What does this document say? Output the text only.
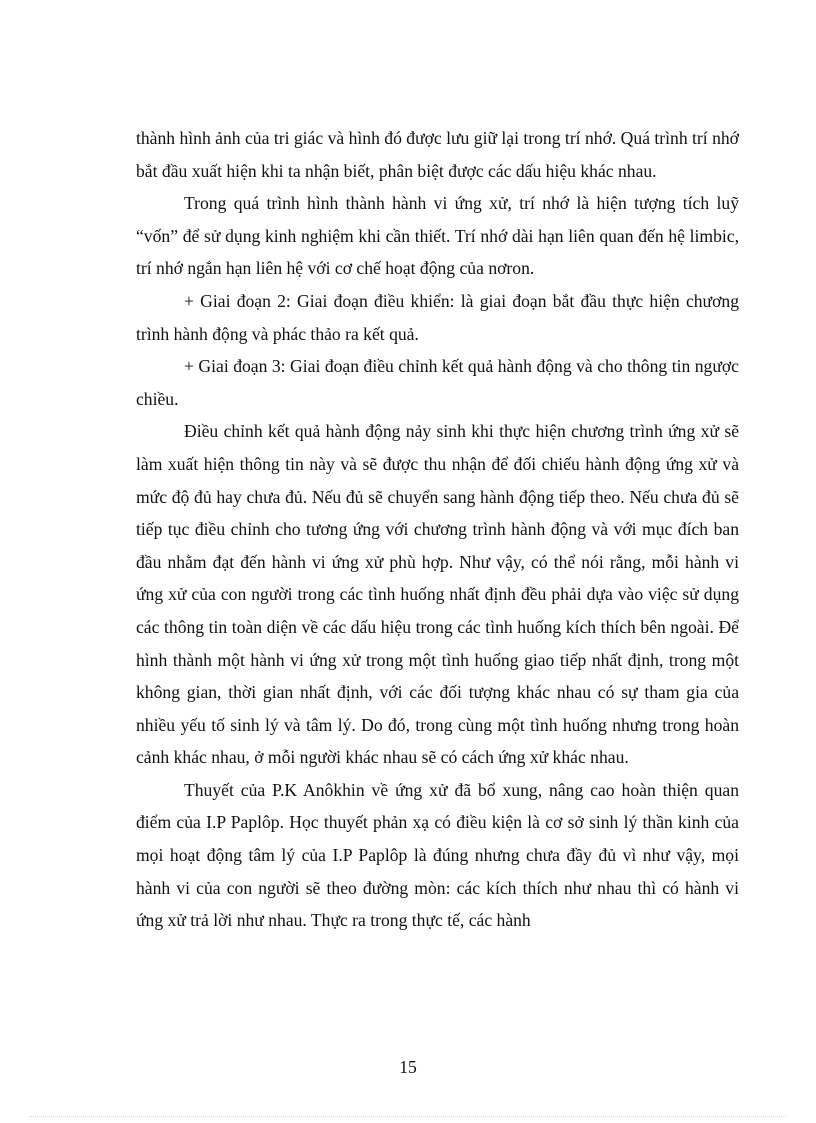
thành hình ảnh của tri giác và hình đó được lưu giữ lại trong trí nhớ. Quá trình trí nhớ bắt đầu xuất hiện khi ta nhận biết, phân biệt được các dấu hiệu khác nhau.

Trong quá trình hình thành hành vi ứng xử, trí nhớ là hiện tượng tích luỹ “vốn” để sử dụng kinh nghiệm khi cần thiết. Trí nhớ dài hạn liên quan đến hệ limbic, trí nhớ ngắn hạn liên hệ với cơ chế hoạt động của nơron.

+ Giai đoạn 2: Giai đoạn điều khiển: là giai đoạn bắt đầu thực hiện chương trình hành động và phác thảo ra kết quả.

+ Giai đoạn 3: Giai đoạn điều chỉnh kết quả hành động và cho thông tin ngược chiều.

Điều chỉnh kết quả hành động nảy sinh khi thực hiện chương trình ứng xử sẽ làm xuất hiện thông tin này và sẽ được thu nhận để đối chiếu hành động ứng xử và mức độ đủ hay chưa đủ. Nếu đủ sẽ chuyển sang hành động tiếp theo. Nếu chưa đủ sẽ tiếp tục điều chỉnh cho tương ứng với chương trình hành động và với mục đích ban đầu nhằm đạt đến hành vi ứng xử phù hợp. Như vậy, có thể nói rằng, mỗi hành vi ứng xử của con người trong các tình huống nhất định đều phải dựa vào việc sử dụng các thông tin toàn diện về các dấu hiệu trong các tình huống kích thích bên ngoài. Để hình thành một hành vi ứng xử trong một tình huống giao tiếp nhất định, trong một không gian, thời gian nhất định, với các đối tượng khác nhau có sự tham gia của nhiều yếu tố sinh lý và tâm lý. Do đó, trong cùng một tình huống nhưng trong hoàn cảnh khác nhau, ở mỗi người khác nhau sẽ có cách ứng xử khác nhau.

Thuyết của P.K Anôkhin về ứng xử đã bổ xung, nâng cao hoàn thiện quan điểm của I.P Paplôp. Học thuyết phản xạ có điều kiện là cơ sở sinh lý thần kinh của mọi hoạt động tâm lý của I.P Paplôp là đúng nhưng chưa đầy đủ vì như vậy, mọi hành vi của con người sẽ theo đường mòn: các kích thích như nhau thì có hành vi ứng xử trả lời như nhau. Thực ra trong thực tế, các hành

15
